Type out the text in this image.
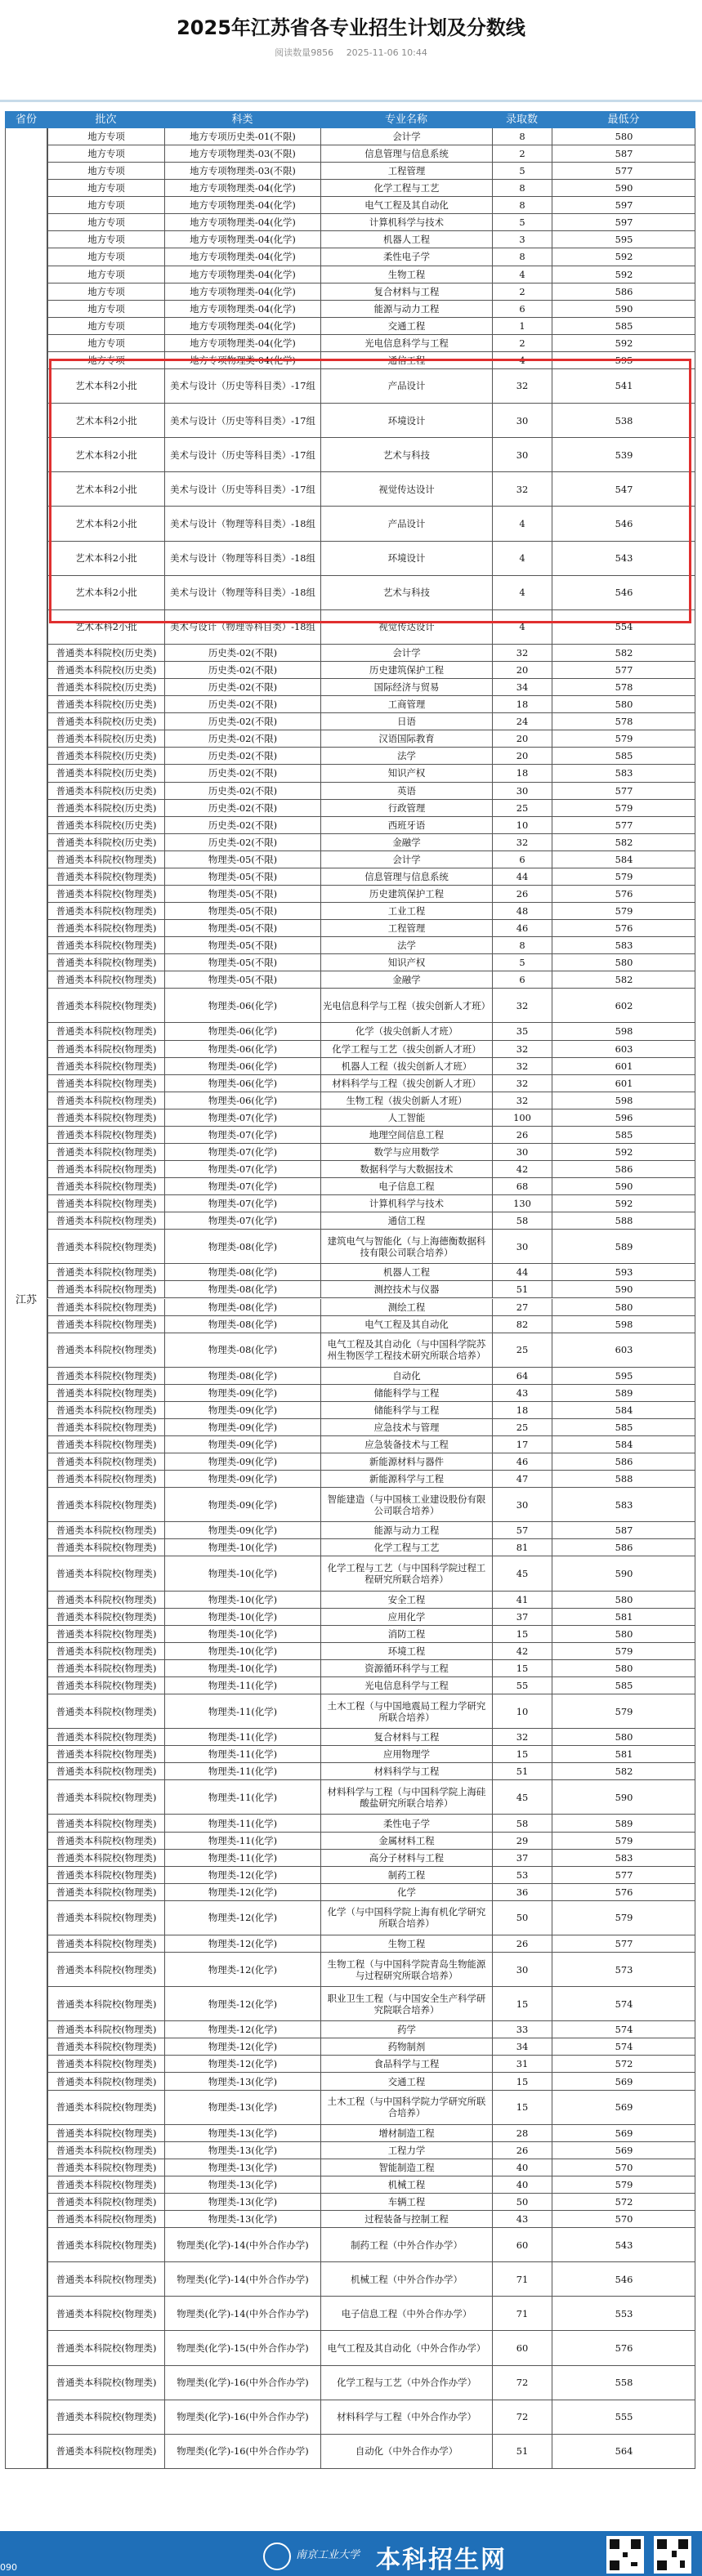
2025年江苏省各专业招生计划及分数线
阅读数量9856 2025-11-06 10:44
省份	批次	科类	专业名称	录取数	最低分
地方专项	地方专项历史类-01(不限)	会计学	8	580
地方专项	地方专项物理类-03(不限)	信息管理与信息系统	2	587
地方专项	地方专项物理类-03(不限)	工程管理	5	577
地方专项	地方专项物理类-04(化学)	化学工程与工艺	8	590
地方专项	地方专项物理类-04(化学)	电气工程及其自动化	8	597
地方专项	地方专项物理类-04(化学)	计算机科学与技术	5	597
地方专项	地方专项物理类-04(化学)	机器人工程	3	595
地方专项	地方专项物理类-04(化学)	柔性电子学	8	592
地方专项	地方专项物理类-04(化学)	生物工程	4	592
地方专项	地方专项物理类-04(化学)	复合材料与工程	2	586
地方专项	地方专项物理类-04(化学)	能源与动力工程	6	590
地方专项	地方专项物理类-04(化学)	交通工程	1	585
地方专项	地方专项物理类-04(化学)	光电信息科学与工程	2	592
地方专项	地方专项物理类-04(化学)	通信工程	4	595
艺术本科2小批	美术与设计（历史等科目类）-17组	产品设计	32	541
艺术本科2小批	美术与设计（历史等科目类）-17组	环境设计	30	538
艺术本科2小批	美术与设计（历史等科目类）-17组	艺术与科技	30	539
艺术本科2小批	美术与设计（历史等科目类）-17组	视觉传达设计	32	547
艺术本科2小批	美术与设计（物理等科目类）-18组	产品设计	4	546
艺术本科2小批	美术与设计（物理等科目类）-18组	环境设计	4	543
艺术本科2小批	美术与设计（物理等科目类）-18组	艺术与科技	4	546
艺术本科2小批	美术与设计（物理等科目类）-18组	视觉传达设计	4	554
普通类本科院校(历史类)	历史类-02(不限)	会计学	32	582
普通类本科院校(历史类)	历史类-02(不限)	历史建筑保护工程	20	577
普通类本科院校(历史类)	历史类-02(不限)	国际经济与贸易	34	578
普通类本科院校(历史类)	历史类-02(不限)	工商管理	18	580
普通类本科院校(历史类)	历史类-02(不限)	日语	24	578
普通类本科院校(历史类)	历史类-02(不限)	汉语国际教育	20	579
普通类本科院校(历史类)	历史类-02(不限)	法学	20	585
普通类本科院校(历史类)	历史类-02(不限)	知识产权	18	583
普通类本科院校(历史类)	历史类-02(不限)	英语	30	577
普通类本科院校(历史类)	历史类-02(不限)	行政管理	25	579
普通类本科院校(历史类)	历史类-02(不限)	西班牙语	10	577
普通类本科院校(历史类)	历史类-02(不限)	金融学	32	582
普通类本科院校(物理类)	物理类-05(不限)	会计学	6	584
普通类本科院校(物理类)	物理类-05(不限)	信息管理与信息系统	44	579
普通类本科院校(物理类)	物理类-05(不限)	历史建筑保护工程	26	576
普通类本科院校(物理类)	物理类-05(不限)	工业工程	48	579
普通类本科院校(物理类)	物理类-05(不限)	工程管理	46	576
普通类本科院校(物理类)	物理类-05(不限)	法学	8	583
普通类本科院校(物理类)	物理类-05(不限)	知识产权	5	580
普通类本科院校(物理类)	物理类-05(不限)	金融学	6	582
普通类本科院校(物理类)	物理类-06(化学)	光电信息科学与工程（拔尖创新人才班）	32	602
普通类本科院校(物理类)	物理类-06(化学)	化学（拔尖创新人才班）	35	598
普通类本科院校(物理类)	物理类-06(化学)	化学工程与工艺（拔尖创新人才班）	32	603
普通类本科院校(物理类)	物理类-06(化学)	机器人工程（拔尖创新人才班）	32	601
普通类本科院校(物理类)	物理类-06(化学)	材料科学与工程（拔尖创新人才班）	32	601
普通类本科院校(物理类)	物理类-06(化学)	生物工程（拔尖创新人才班）	32	598
普通类本科院校(物理类)	物理类-07(化学)	人工智能	100	596
普通类本科院校(物理类)	物理类-07(化学)	地理空间信息工程	26	585
普通类本科院校(物理类)	物理类-07(化学)	数学与应用数学	30	592
普通类本科院校(物理类)	物理类-07(化学)	数据科学与大数据技术	42	586
普通类本科院校(物理类)	物理类-07(化学)	电子信息工程	68	590
普通类本科院校(物理类)	物理类-07(化学)	计算机科学与技术	130	592
普通类本科院校(物理类)	物理类-07(化学)	通信工程	58	588
普通类本科院校(物理类)	物理类-08(化学)	建筑电气与智能化（与上海德衡数据科技有限公司联合培养）	30	589
普通类本科院校(物理类)	物理类-08(化学)	机器人工程	44	593
普通类本科院校(物理类)	物理类-08(化学)	测控技术与仪器	51	590
普通类本科院校(物理类)	物理类-08(化学)	测绘工程	27	580
普通类本科院校(物理类)	物理类-08(化学)	电气工程及其自动化	82	598
普通类本科院校(物理类)	物理类-08(化学)	电气工程及其自动化（与中国科学院苏州生物医学工程技术研究所联合培养）	25	603
普通类本科院校(物理类)	物理类-08(化学)	自动化	64	595
普通类本科院校(物理类)	物理类-09(化学)	储能科学与工程	43	589
普通类本科院校(物理类)	物理类-09(化学)	储能科学与工程	18	584
普通类本科院校(物理类)	物理类-09(化学)	应急技术与管理	25	585
普通类本科院校(物理类)	物理类-09(化学)	应急装备技术与工程	17	584
普通类本科院校(物理类)	物理类-09(化学)	新能源材料与器件	46	586
普通类本科院校(物理类)	物理类-09(化学)	新能源科学与工程	47	588
普通类本科院校(物理类)	物理类-09(化学)	智能建造（与中国核工业建设股份有限公司联合培养）	30	583
普通类本科院校(物理类)	物理类-09(化学)	能源与动力工程	57	587
普通类本科院校(物理类)	物理类-10(化学)	化学工程与工艺	81	586
普通类本科院校(物理类)	物理类-10(化学)	化学工程与工艺（与中国科学院过程工程研究所联合培养）	45	590
普通类本科院校(物理类)	物理类-10(化学)	安全工程	41	580
普通类本科院校(物理类)	物理类-10(化学)	应用化学	37	581
普通类本科院校(物理类)	物理类-10(化学)	消防工程	15	580
普通类本科院校(物理类)	物理类-10(化学)	环境工程	42	579
普通类本科院校(物理类)	物理类-10(化学)	资源循环科学与工程	15	580
普通类本科院校(物理类)	物理类-11(化学)	光电信息科学与工程	55	585
普通类本科院校(物理类)	物理类-11(化学)	土木工程（与中国地震局工程力学研究所联合培养）	10	579
普通类本科院校(物理类)	物理类-11(化学)	复合材料与工程	32	580
普通类本科院校(物理类)	物理类-11(化学)	应用物理学	15	581
普通类本科院校(物理类)	物理类-11(化学)	材料科学与工程	51	582
普通类本科院校(物理类)	物理类-11(化学)	材料科学与工程（与中国科学院上海硅酸盐研究所联合培养）	45	590
普通类本科院校(物理类)	物理类-11(化学)	柔性电子学	58	589
普通类本科院校(物理类)	物理类-11(化学)	金属材料工程	29	579
普通类本科院校(物理类)	物理类-11(化学)	高分子材料与工程	37	583
普通类本科院校(物理类)	物理类-12(化学)	制药工程	53	577
普通类本科院校(物理类)	物理类-12(化学)	化学	36	576
普通类本科院校(物理类)	物理类-12(化学)	化学（与中国科学院上海有机化学研究所联合培养）	50	579
普通类本科院校(物理类)	物理类-12(化学)	生物工程	26	577
普通类本科院校(物理类)	物理类-12(化学)	生物工程（与中国科学院青岛生物能源与过程研究所联合培养）	30	573
普通类本科院校(物理类)	物理类-12(化学)	职业卫生工程（与中国安全生产科学研究院联合培养）	15	574
普通类本科院校(物理类)	物理类-12(化学)	药学	33	574
普通类本科院校(物理类)	物理类-12(化学)	药物制剂	34	574
普通类本科院校(物理类)	物理类-12(化学)	食品科学与工程	31	572
普通类本科院校(物理类)	物理类-13(化学)	交通工程	15	569
普通类本科院校(物理类)	物理类-13(化学)	土木工程（与中国科学院力学研究所联合培养）	15	569
普通类本科院校(物理类)	物理类-13(化学)	增材制造工程	28	569
普通类本科院校(物理类)	物理类-13(化学)	工程力学	26	569
普通类本科院校(物理类)	物理类-13(化学)	智能制造工程	40	570
普通类本科院校(物理类)	物理类-13(化学)	机械工程	40	579
普通类本科院校(物理类)	物理类-13(化学)	车辆工程	50	572
普通类本科院校(物理类)	物理类-13(化学)	过程装备与控制工程	43	570
普通类本科院校(物理类)	物理类(化学)-14(中外合作办学)	制药工程（中外合作办学）	60	543
普通类本科院校(物理类)	物理类(化学)-14(中外合作办学)	机械工程（中外合作办学）	71	546
普通类本科院校(物理类)	物理类(化学)-14(中外合作办学)	电子信息工程（中外合作办学）	71	553
普通类本科院校(物理类)	物理类(化学)-15(中外合作办学)	电气工程及其自动化（中外合作办学）	60	576
普通类本科院校(物理类)	物理类(化学)-16(中外合作办学)	化学工程与工艺（中外合作办学）	72	558
普通类本科院校(物理类)	物理类(化学)-16(中外合作办学)	材料科学与工程（中外合作办学）	72	555
普通类本科院校(物理类)	物理类(化学)-16(中外合作办学)	自动化（中外合作办学）	51	564
江苏
090
南京工业大学 本科招生网
